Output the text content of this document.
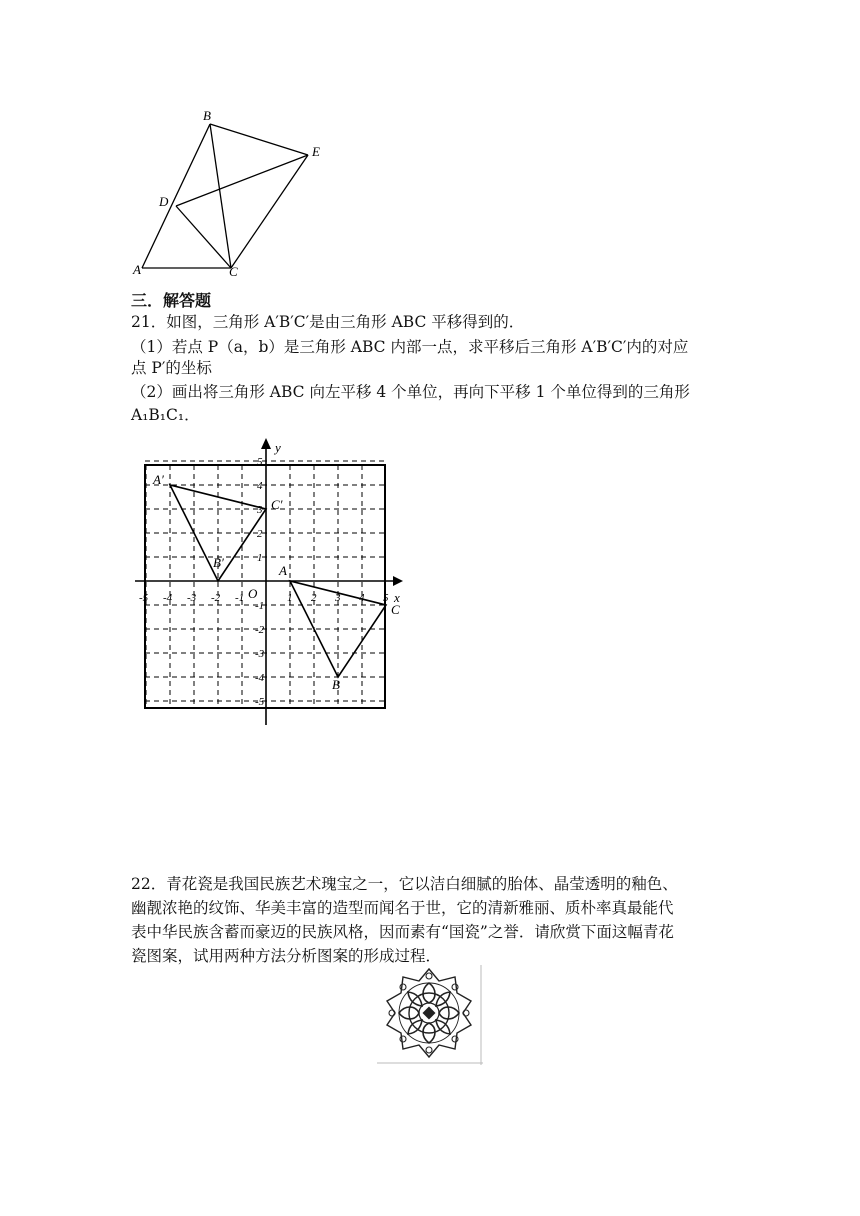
B
E
D
A	C
三．解答题
21．如图，三角形 A′B′C′是由三角形 ABC 平移得到的．
（1）若点 P（a，b）是三角形 ABC 内部一点，求平移后三角形 A′B′C′内的对应
点 P′的坐标
（2）画出将三角形 ABC 向左平移 4 个单位，再向下平移 1 个单位得到的三角形
A₁B₁C₁．
x
y
O
-5 -4 -3 -2 -1	1 2 3 4 5
5
4
3
2
1
-1
-2
-3
-4
-5
A′
B′
C′
A
B
C
22．青花瓷是我国民族艺术瑰宝之一，它以洁白细腻的胎体、晶莹透明的釉色、
幽靓浓艳的纹饰、华美丰富的造型而闻名于世，它的清新雅丽、质朴率真最能代
表中华民族含蓄而豪迈的民族风格，因而素有“国瓷”之誉．请欣赏下面这幅青花
瓷图案，试用两种方法分析图案的形成过程．
